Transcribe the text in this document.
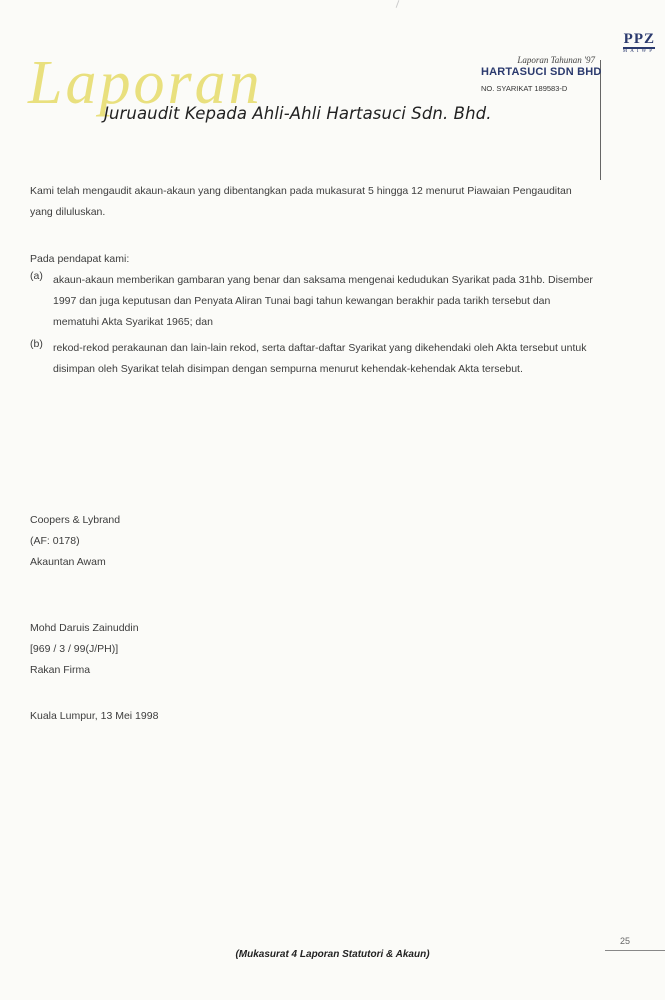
PPZ
MAIWP
Laporan Tahunan '97
HARTASUCI SDN BHD
NO. SYARIKAT 189583-D
Laporan
Juruaudit Kepada Ahli-Ahli Hartasuci Sdn. Bhd.
Kami telah mengaudit akaun-akaun yang dibentangkan pada mukasurat 5 hingga 12 menurut Piawaian Pengauditan yang diluluskan.
Pada pendapat kami:
(a) akaun-akaun memberikan gambaran yang benar dan saksama mengenai kedudukan Syarikat pada 31hb. Disember 1997 dan juga keputusan dan Penyata Aliran Tunai bagi tahun kewangan berakhir pada tarikh tersebut dan mematuhi Akta Syarikat 1965; dan
(b) rekod-rekod perakaunan dan lain-lain rekod, serta daftar-daftar Syarikat yang dikehendaki oleh Akta tersebut untuk disimpan oleh Syarikat telah disimpan dengan sempurna menurut kehendak-kehendak Akta tersebut.
Coopers & Lybrand
(AF: 0178)
Akauntan Awam
Mohd Daruis Zainuddin
[969 / 3 / 99(J/PH)]
Rakan Firma
Kuala Lumpur, 13 Mei 1998
25
(Mukasurat 4 Laporan Statutori & Akaun)
